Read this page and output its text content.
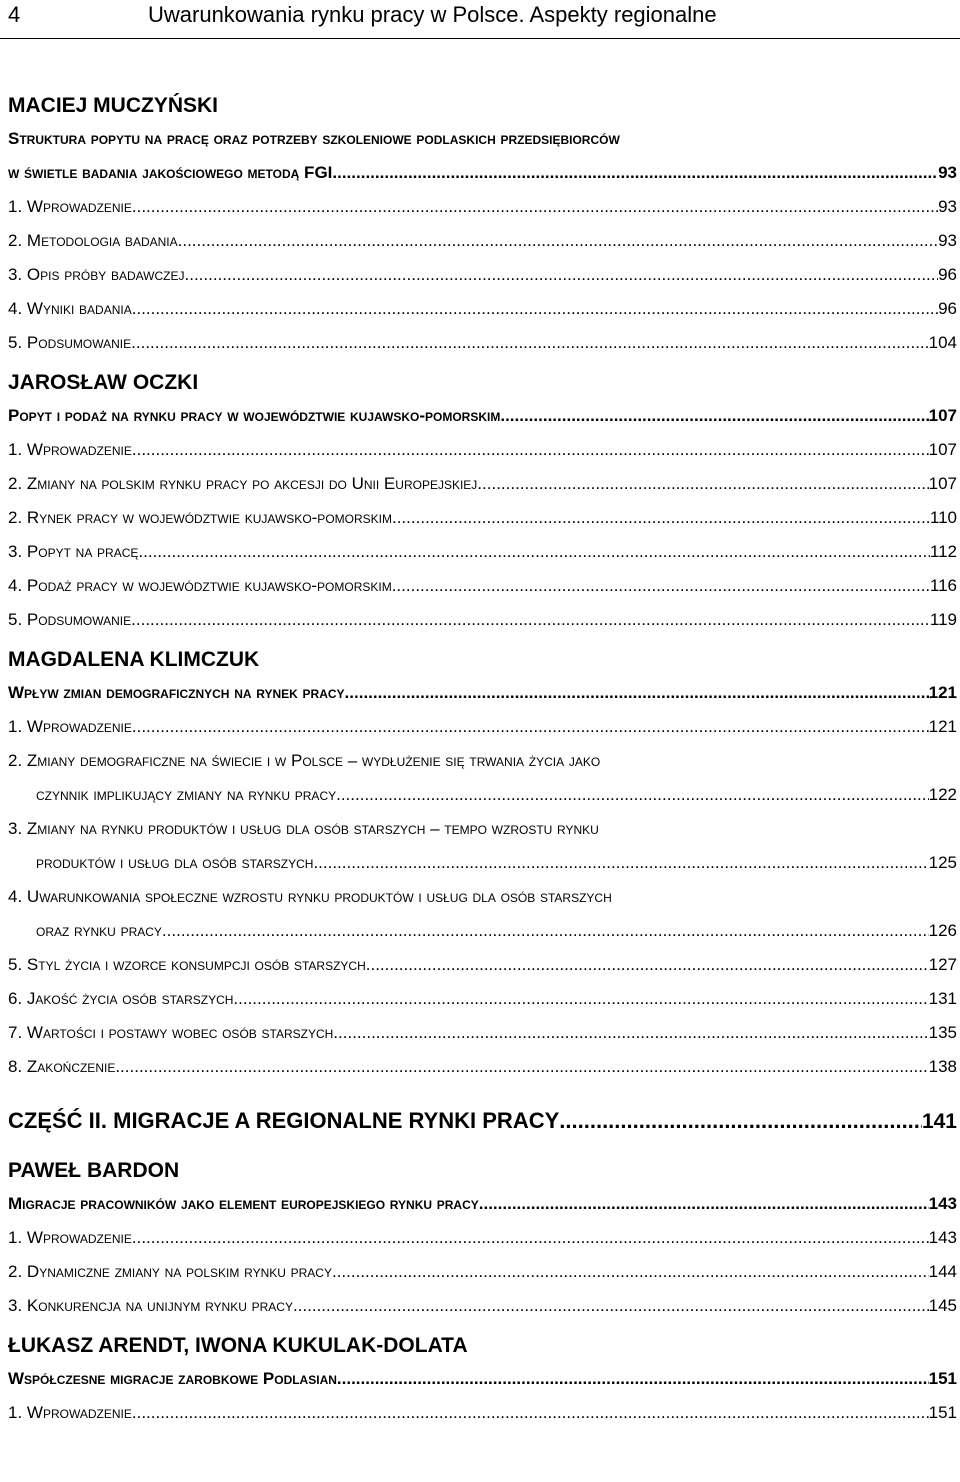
4	Uwarunkowania rynku pracy w Polsce. Aspekty regionalne
MACIEJ MUCZYŃSKI
Struktura popytu na pracę oraz potrzeby szkoleniowe podlaskich przedsiębiorców
w świetle badania jakościowego metodą FGI .....	93
1. Wprowadzenie .....	93
2. Metodologia badania .....	93
3. Opis próby badawczej .....	96
4. Wyniki badania .....	96
5. Podsumowanie .....	104
JAROSŁAW OCZKI
Popyt i podaż na rynku pracy w województwie kujawsko-pomorskim .....	107
1. Wprowadzenie .....	107
2. Zmiany na polskim rynku pracy po akcesji do Unii Europejskiej .....	107
2. Rynek pracy w województwie kujawsko-pomorskim .....	110
3. Popyt na pracę .....	112
4. Podaż pracy w województwie kujawsko-pomorskim .....	116
5. Podsumowanie .....	119
MAGDALENA KLIMCZUK
Wpływ zmian demograficznych na rynek pracy .....	121
1. Wprowadzenie .....	121
2. Zmiany demograficzne na świecie i w Polsce – wydłużenie się trwania życia jako
czynnik implikujący zmiany na rynku pracy .....	122
3. Zmiany na rynku produktów i usług dla osób starszych – tempo wzrostu rynku
produktów i usług dla osób starszych .....	125
4. Uwarunkowania społeczne wzrostu rynku produktów i usług dla osób starszych
oraz rynku pracy .....	126
5. Styl życia i wzorce konsumpcji osób starszych .....	127
6. Jakość życia osób starszych .....	131
7. Wartości i postawy wobec osób starszych .....	135
8. Zakończenie .....	138
CZĘŚĆ II. MIGRACJE A REGIONALNE RYNKI PRACY .....	141
PAWEŁ BARDON
Migracje pracowników jako element europejskiego rynku pracy .....	143
1. Wprowadzenie .....	143
2. Dynamiczne zmiany na polskim rynku pracy .....	144
3. Konkurencja na unijnym rynku pracy .....	145
ŁUKASZ ARENDT, IWONA KUKULAK-DOLATA
Współczesne migracje zarobkowe Podlasian .....	151
1. Wprowadzenie .....	151
